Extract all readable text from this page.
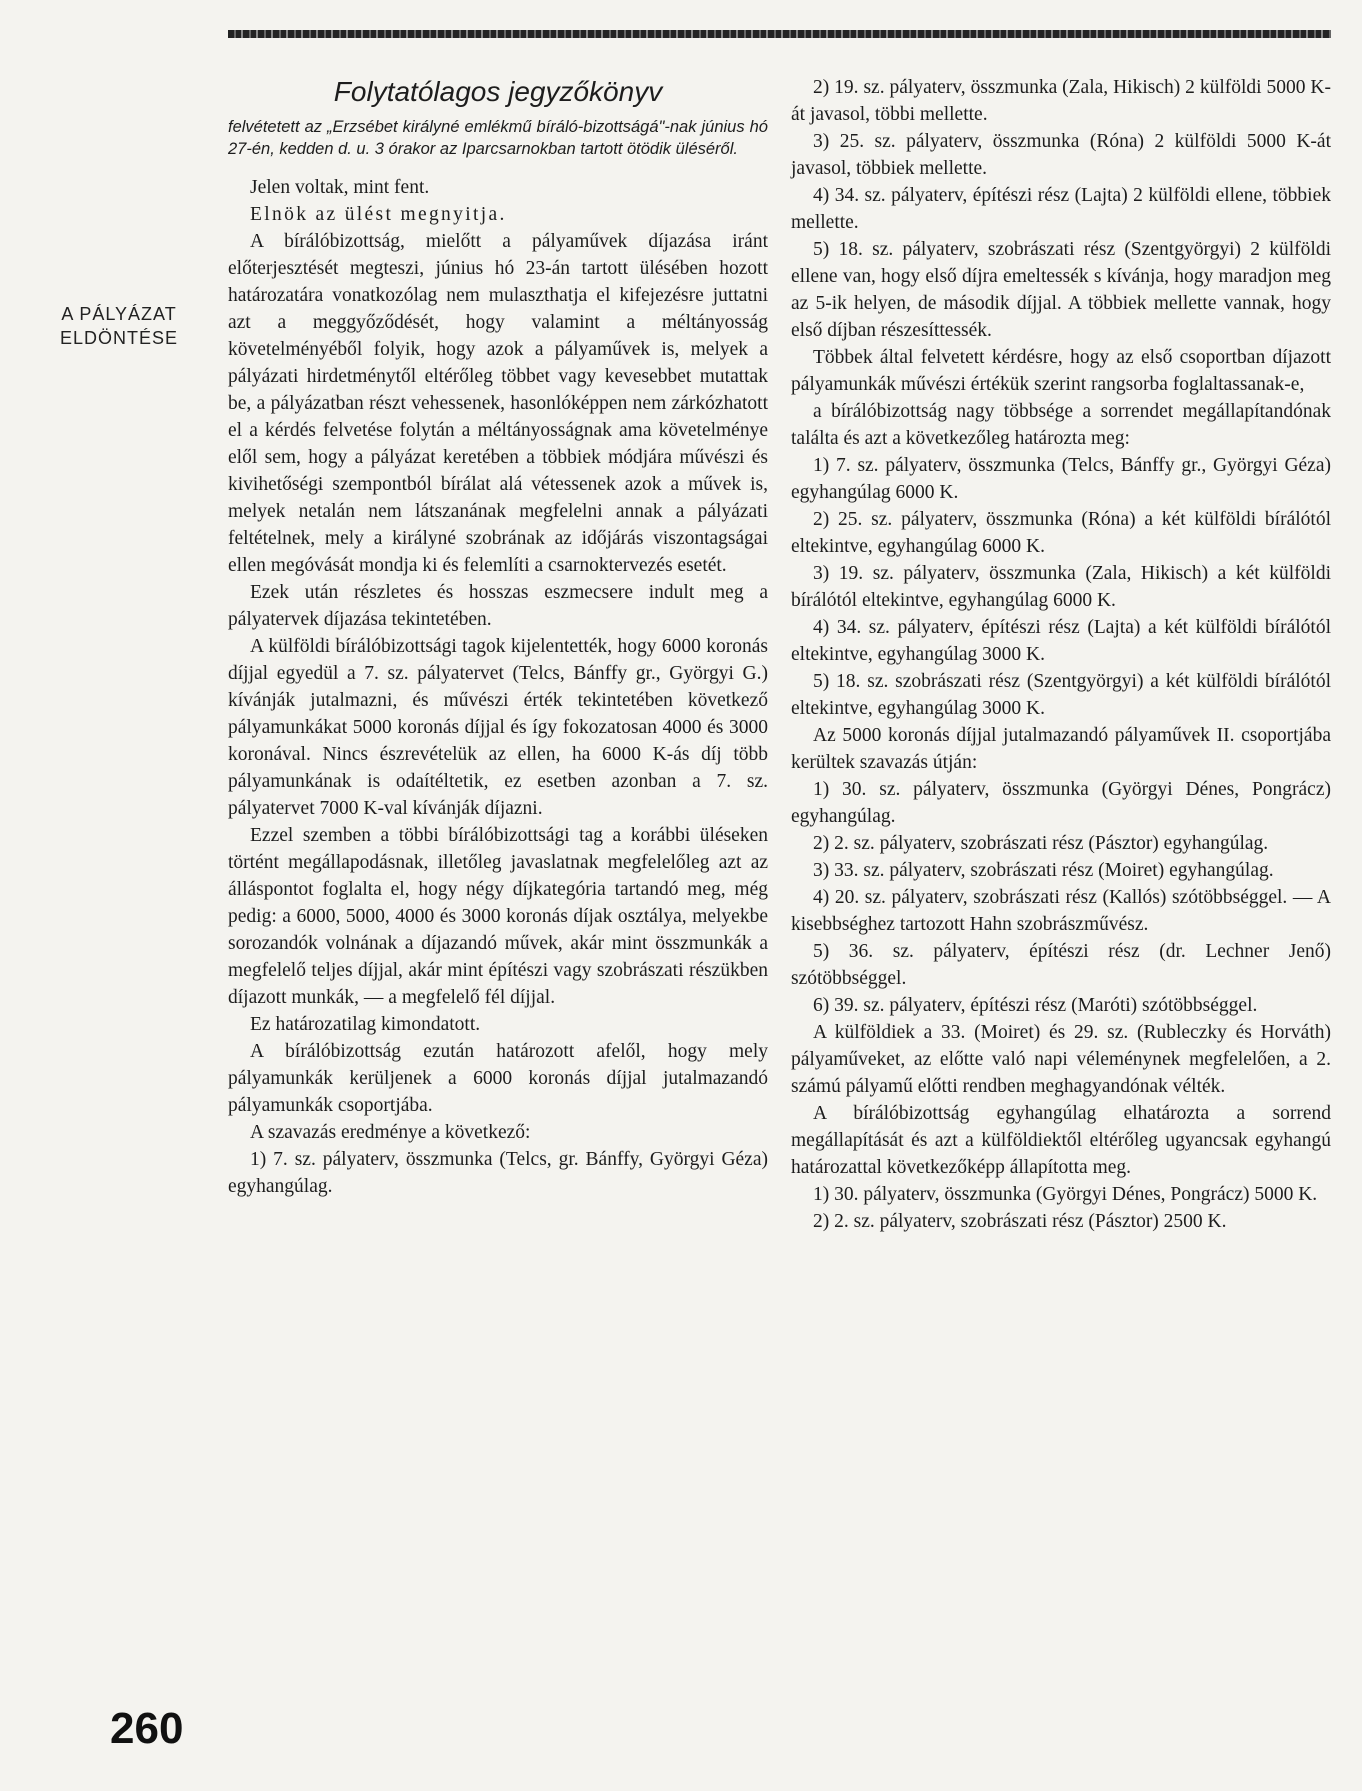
A PÁLYÁZAT
ELDÖNTÉSE
Folytatólagos jegyzőkönyv
felvétetett az „Erzsébet királyné emlékmű bíráló-bizottságá"-nak június hó 27-én, kedden d. u. 3 órakor az Iparcsarnokban tartott ötödik üléséről.

Jelen voltak, mint fent.

Elnök az ülést megnyitja.

A bírálóbizottság, mielőtt a pályaművek díjazása iránt előterjesztését megteszi, június hó 23-án tartott ülésében hozott határozatára vonatkozólag nem mulaszthatja el kifejezésre juttatni azt a meggyőződését, hogy valamint a méltányosság követelményéből folyik, hogy azok a pályaművek is, melyek a pályázati hirdetménytől eltérőleg többet vagy kevesebbet mutattak be, a pályázatban részt vehessenek, hasonlóképpen nem zárkózhatott el a kérdés felvetése folytán a méltányosságnak ama követelménye elől sem, hogy a pályázat keretében a többiek módjára művészi és kivihetőségi szempontból bírálat alá vétessenek azok a művek is, melyek netalán nem látszanának megfelelni annak a pályázati feltételnek, mely a királyné szobrának az időjárás viszontagságai ellen megóvását mondja ki és felemlíti a csarnoktervezés esetét.

Ezek után részletes és hosszas eszmecsere indult meg a pályatervek díjazása tekintetében.

A külföldi bírálóbizottsági tagok kijelentették, hogy 6000 koronás díjjal egyedül a 7. sz. pályatervet (Telcs, Bánffy gr., Györgyi G.) kívánják jutalmazni, és művészi érték tekintetében következő pályamunkákat 5000 koronás díjjal és így fokozatosan 4000 és 3000 koronával. Nincs észrevételük az ellen, ha 6000 K-ás díj több pályamunkának is odaítéltetik, ez esetben azonban a 7. sz. pályatervet 7000 K-val kívánják díjazni.

Ezzel szemben a többi bírálóbizottsági tag a korábbi üléseken történt megállapodásnak, illetőleg javaslatnak megfelelőleg azt az álláspontot foglalta el, hogy négy díjkategória tartandó meg, még pedig: a 6000, 5000, 4000 és 3000 koronás díjak osztálya, melyekbe sorozandók volnának a díjazandó művek, akár mint összmunkák a megfelelő teljes díjjal, akár mint építészi vagy szobrászati részükben díjazott munkák, — a megfelelő fél díjjal.

Ez határozatilag kimondatott.

A bírálóbizottság ezután határozott afelől, hogy mely pályamunkák kerüljenek a 6000 koronás díjjal jutalmazandó pályamunkák csoportjába.

A szavazás eredménye a következő:

1) 7. sz. pályaterv, összmunka (Telcs, gr. Bánffy, Györgyi Géza) egyhangúlag.

2) 19. sz. pályaterv, összmunka (Zala, Hikisch) 2 külföldi 5000 K-át javasol, többi mellette.

3) 25. sz. pályaterv, összmunka (Róna) 2 külföldi 5000 K-át javasol, többiek mellette.

4) 34. sz. pályaterv, építészi rész (Lajta) 2 külföldi ellene, többiek mellette.

5) 18. sz. pályaterv, szobrászati rész (Szentgyörgyi) 2 külföldi ellene van, hogy első díjra emeltessék s kívánja, hogy maradjon meg az 5-ik helyen, de második díjjal. A többiek mellette vannak, hogy első díjban részesíttessék.

Többek által felvetett kérdésre, hogy az első csoportban díjazott pályamunkák művészi értékük szerint rangsorba foglaltassanak-e,

a bírálóbizottság nagy többsége a sorrendet megállapítandónak találta és azt a következőleg határozta meg:

1) 7. sz. pályaterv, összmunka (Telcs, Bánffy gr., Györgyi Géza) egyhangúlag 6000 K.

2) 25. sz. pályaterv, összmunka (Róna) a két külföldi bírálótól eltekintve, egyhangúlag 6000 K.

3) 19. sz. pályaterv, összmunka (Zala, Hikisch) a két külföldi bírálótól eltekintve, egyhangúlag 6000 K.

4) 34. sz. pályaterv, építészi rész (Lajta) a két külföldi bírálótól eltekintve, egyhangúlag 3000 K.

5) 18. sz. szobrászati rész (Szentgyörgyi) a két külföldi bírálótól eltekintve, egyhangúlag 3000 K.

Az 5000 koronás díjjal jutalmazandó pályaművek II. csoportjába kerültek szavazás útján:

1) 30. sz. pályaterv, összmunka (Györgyi Dénes, Pongrácz) egyhangúlag.

2) 2. sz. pályaterv, szobrászati rész (Pásztor) egyhangúlag.

3) 33. sz. pályaterv, szobrászati rész (Moiret) egyhangúlag.

4) 20. sz. pályaterv, szobrászati rész (Kallós) szótöbbséggel. — A kisebbséghez tartozott Hahn szobrászművész.

5) 36. sz. pályaterv, építészi rész (dr. Lechner Jenő) szótöbbséggel.

6) 39. sz. pályaterv, építészi rész (Maróti) szótöbbséggel.

A külföldiek a 33. (Moiret) és 29. sz. (Rubleczky és Horváth) pályaműveket, az előtte való napi véleménynek megfelelően, a 2. számú pályamű előtti rendben meghagyandónak vélték.

A bírálóbizottság egyhangúlag elhatározta a sorrend megállapítását és azt a külföldiektől eltérőleg ugyancsak egyhangú határozattal következőképp állapította meg.

1) 30. pályaterv, összmunka (Györgyi Dénes, Pongrácz) 5000 K.

2) 2. sz. pályaterv, szobrászati rész (Pásztor) 2500 K.

260
